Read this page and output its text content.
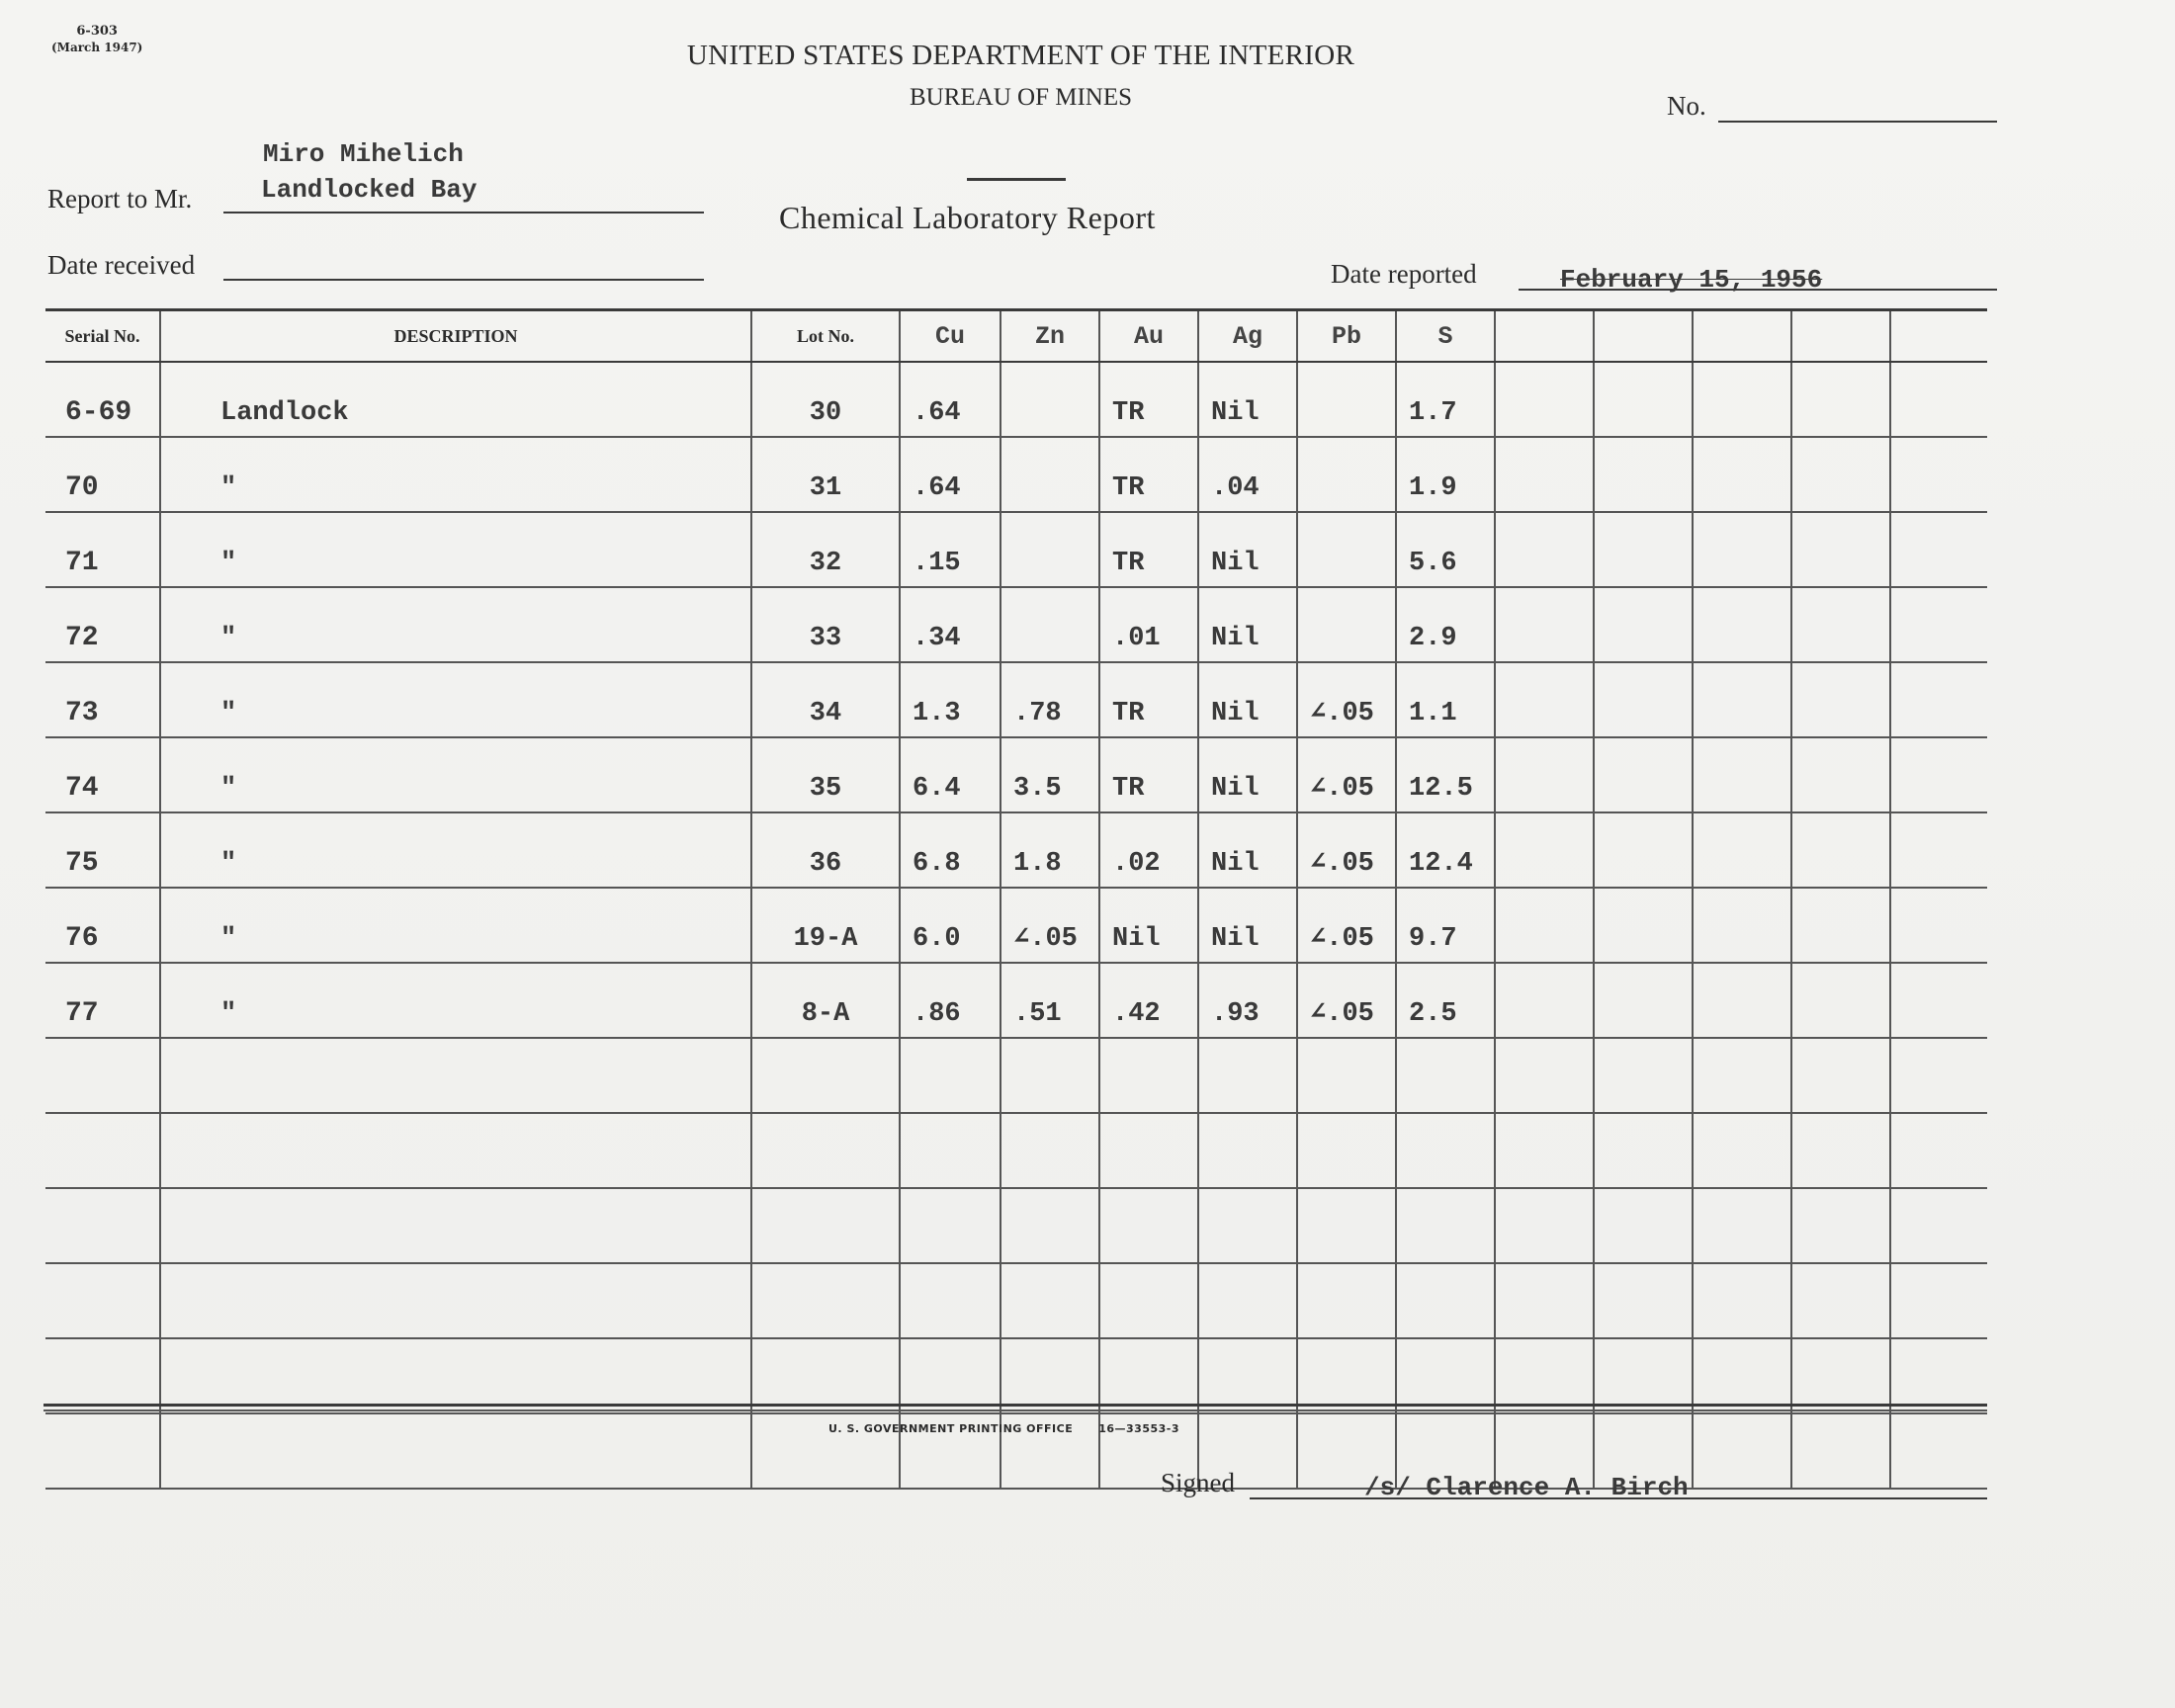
6-303
(March 1947)	UNITED STATES DEPARTMENT OF THE INTERIOR
BUREAU OF MINES	No.
Chemical Laboratory Report
Miro Mihelich
Landlocked Bay
Report to Mr.
Date received	Date reported	February 15, 1956
Serial No.	DESCRIPTION	Lot No.	Cu	Zn	Au	Ag	Pb	S					
6-69	Landlock	30	.64		TR	Nil		1.7					
70	"	31	.64		TR	.04		1.9					
71	"	32	.15		TR	Nil		5.6					
72	"	33	.34		.01	Nil		2.9					
73	"	34	1.3	.78	TR	Nil	∠.05	1.1					
74	"	35	6.4	3.5	TR	Nil	∠.05	12.5					
75	"	36	6.8	1.8	.02	Nil	∠.05	12.4					
76	"	19-A	6.0	∠.05	Nil	Nil	∠.05	9.7					
77	"	8-A	.86	.51	.42	.93	∠.05	2.5					

U. S. GOVERNMENT PRINTING OFFICE 16—33553-3
Signed	/s/ Clarence A. Birch
